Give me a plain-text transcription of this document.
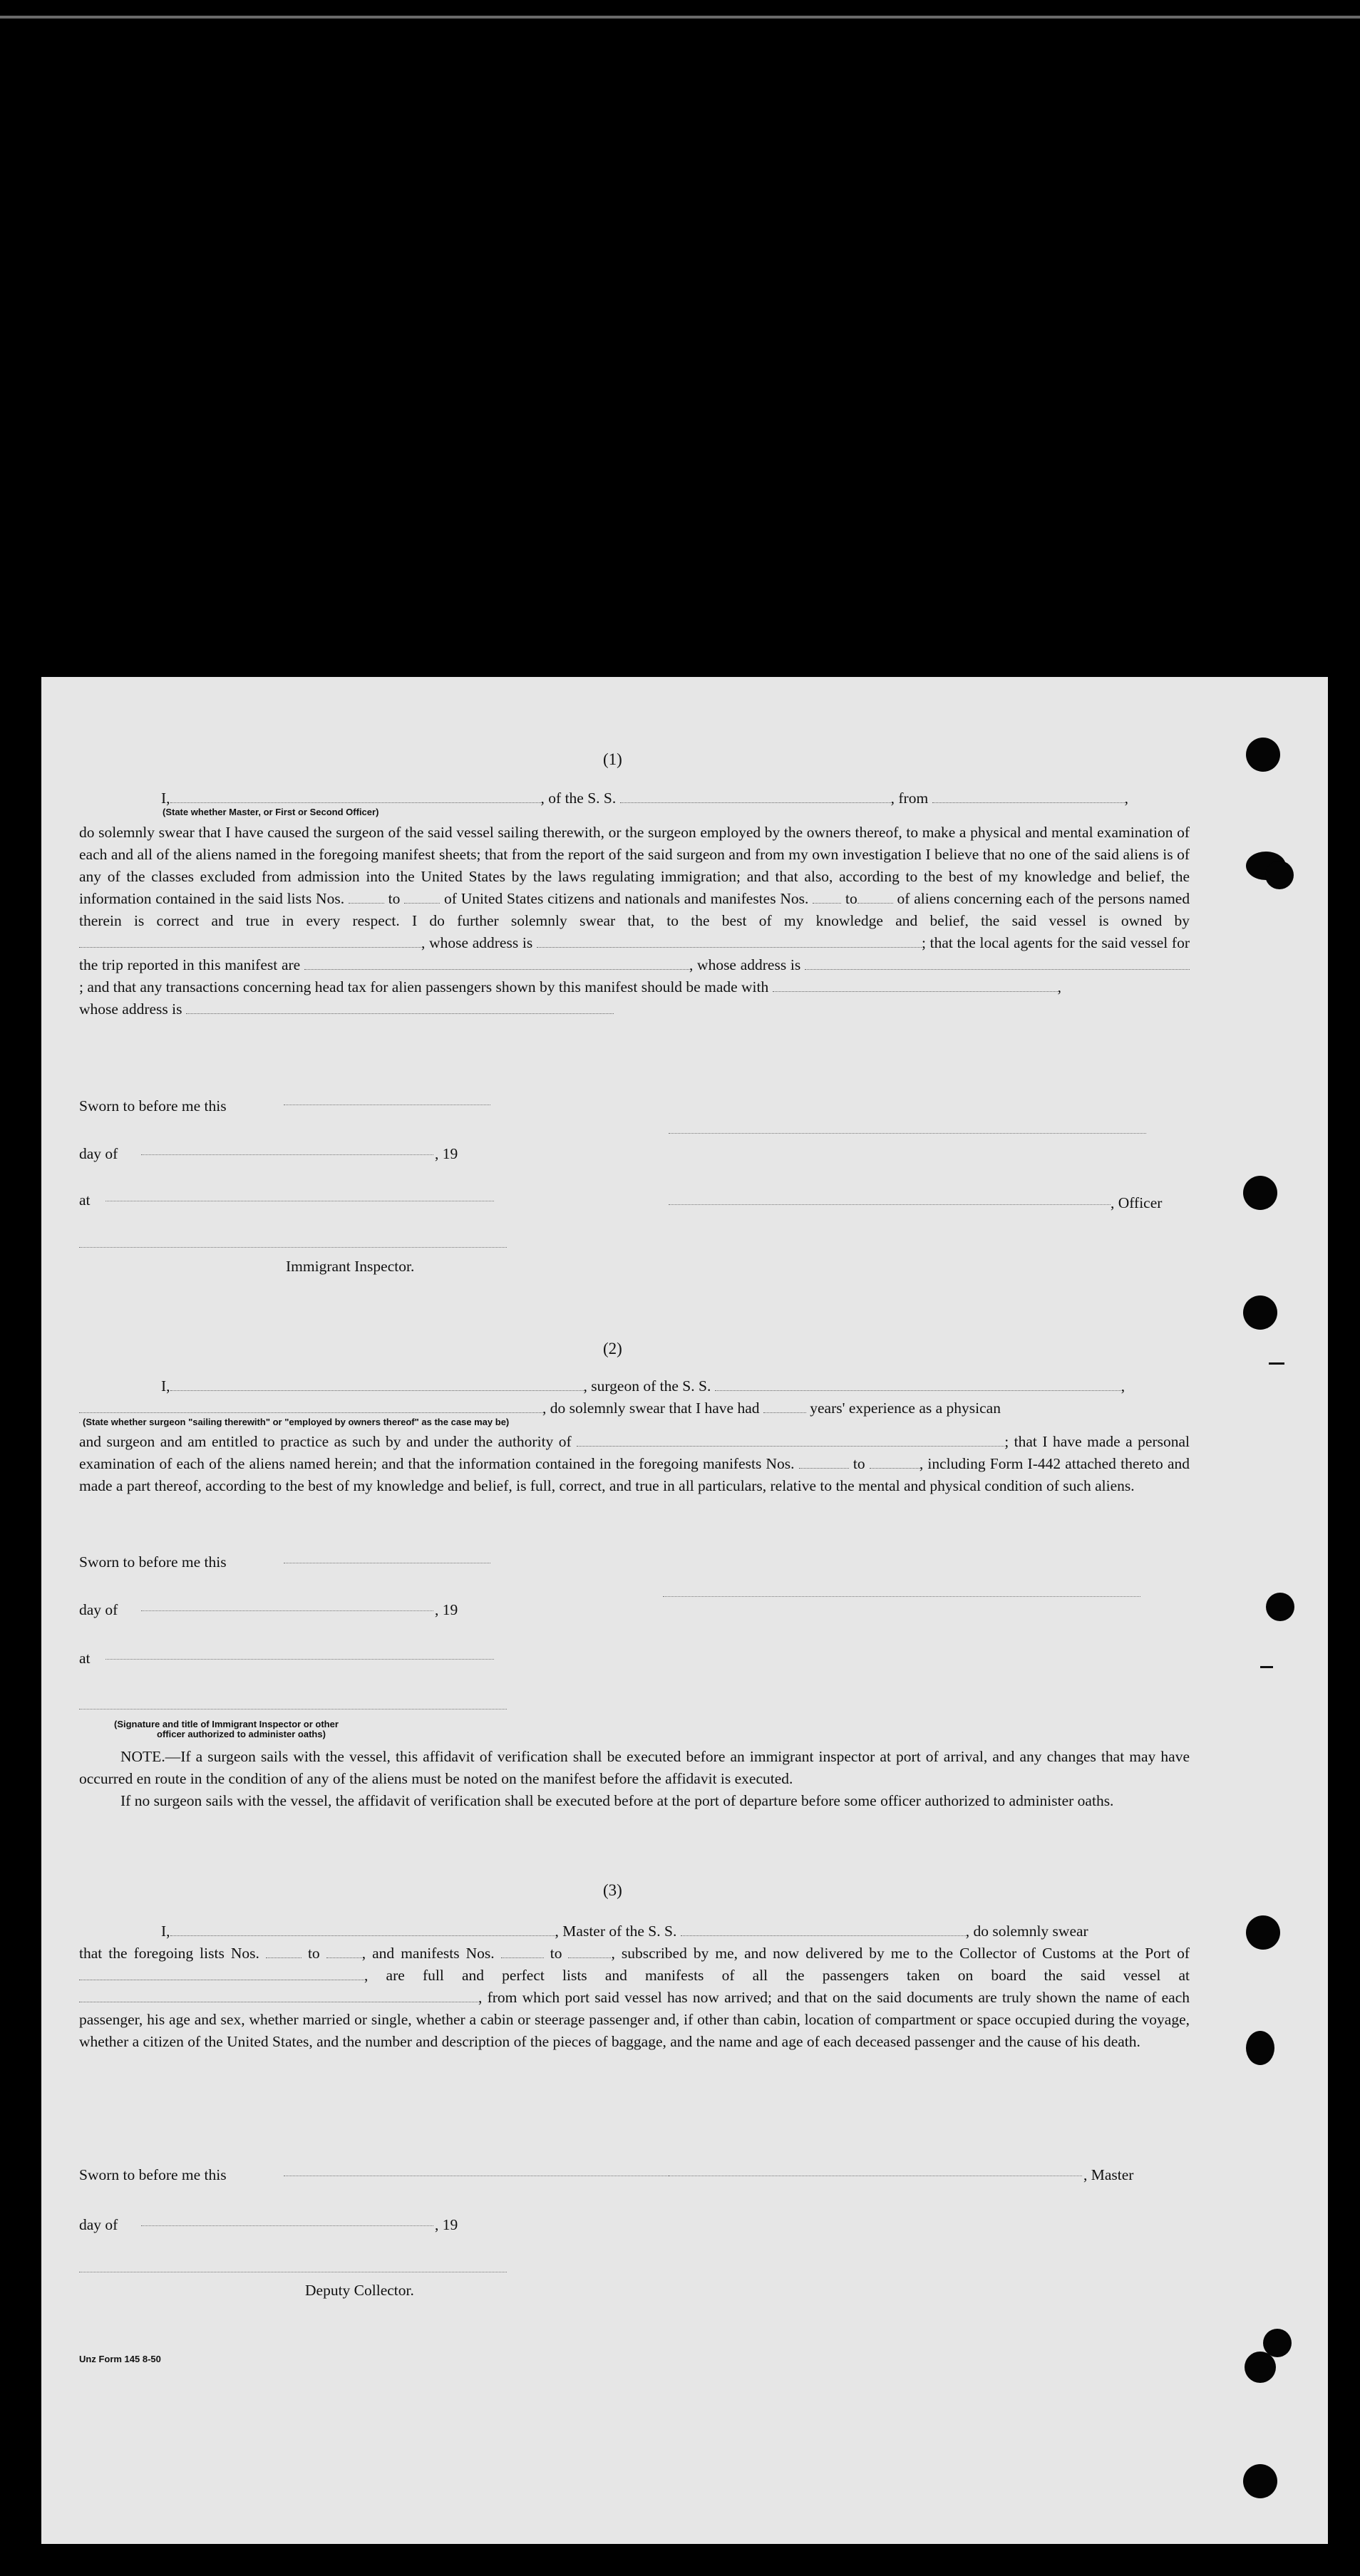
(1)
I,	, of the S. S.	, from	,
(State whether Master, or First or Second Officer)

do solemnly swear that I have caused the surgeon of the said vessel sailing therewith, or the surgeon employed by the owners thereof, to make a physical and mental examination of each and all of the aliens named in the foregoing manifest sheets; that from the report of the said surgeon and from my own investigation I believe that no one of the said aliens is of any of the classes excluded from admission into the United States by the laws regulating immigration; and that also, according to the best of my knowledge and belief, the information contained in the said lists Nos.	to	of United States citizens and nationals and manifestes Nos. to	of aliens concerning each of the persons named therein is correct and true in every respect. I do further solemnly swear that, to the best of my knowledge and belief, the said vessel is owned by , whose address is	; that the local agents for the said vessel for the trip reported in this manifest are	, whose address is ; and that any transactions concerning head tax for alien passengers shown by this manifest should be made with	,

whose address is

Sworn to before me this
day of	, 19
at	, Officer
Immigrant Inspector.
(2)
I,	, surgeon of the S. S.	,
, do solemnly swear that I have had	years' experience as a physican
(State whether surgeon "sailing therewith" or "employed by owners thereof" as the case may be)

and surgeon and am entitled to practice as such by and under the authority of	; that I have made a personal examination of each of the aliens named herein; and that the information contained in the foregoing manifests Nos.	to	, including Form I-442 attached thereto and made a part thereof, according to the best of my knowledge and belief, is full, correct, and true in all particulars, relative to the mental and physical condition of such aliens.

Sworn to before me this
day of	, 19
at
(Signature and title of Immigrant Inspector or other
officer authorized to administer oaths)

NOTE.—If a surgeon sails with the vessel, this affidavit of verification shall be executed before an immigrant inspector at port of arrival, and any changes that may have occurred en route in the condition of any of the aliens must be noted on the manifest before the affidavit is executed.

If no surgeon sails with the vessel, the affidavit of verification shall be executed before at the port of departure before some officer authorized to administer oaths.

(3)
I,	, Master of the S. S.	, do solemnly swear

that the foregoing lists Nos.	to	, and manifests Nos.	to	, subscribed by me, and now delivered by me to the Collector of Customs at the Port of , are full and perfect lists and manifests of all the passengers taken on board the said vessel at , from which port said vessel has now arrived; and that on the said documents are truly shown the name of each passenger, his age and sex, whether married or single, whether a cabin or steerage passenger and, if other than cabin, location of compartment or space occupied during the voyage, whether a citizen of the United States, and the number and description of the pieces of baggage, and the name and age of each deceased passenger and the cause of his death.

Sworn to before me this	, Master
day of	, 19
Deputy Collector.
Unz Form 145 8-50
